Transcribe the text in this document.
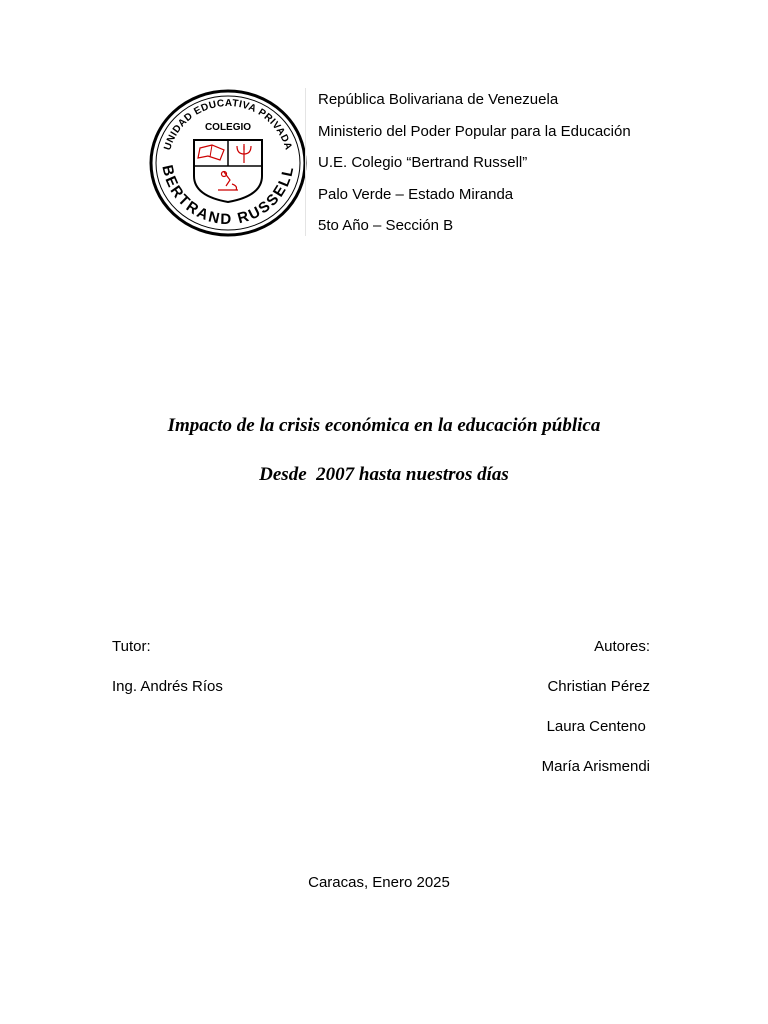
UNIDAD EDUCATIVA PRIVADA
COLEGIO
BERTRAND RUSSELL
República Bolivariana de Venezuela
Ministerio del Poder Popular para la Educación
U.E. Colegio “Bertrand Russell”
Palo Verde – Estado Miranda
5to Año – Sección B
Impacto de la crisis económica en la educación pública
Desde  2007 hasta nuestros días
Tutor:
Ing. Andrés Ríos
Autores:
Christian Pérez
Laura Centeno
María Arismendi
Caracas, Enero 2025
